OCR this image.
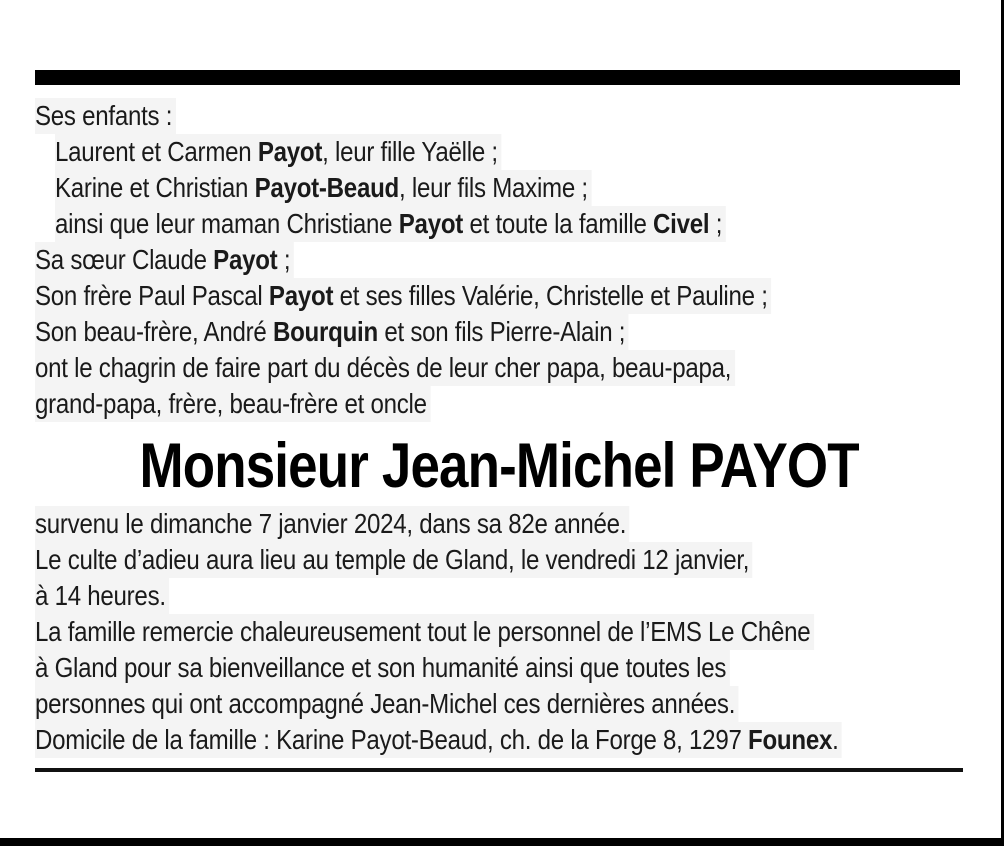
Ses enfants :
Laurent et Carmen Payot, leur fille Yaëlle ;
Karine et Christian Payot-Beaud, leur fils Maxime ;
ainsi que leur maman Christiane Payot et toute la famille Civel ;
Sa sœur Claude Payot ;
Son frère Paul Pascal Payot et ses filles Valérie, Christelle et Pauline ;
Son beau-frère, André Bourquin et son fils Pierre-Alain ;
ont le chagrin de faire part du décès de leur cher papa, beau-papa,
grand-papa, frère, beau-frère et oncle
Monsieur Jean-Michel PAYOT
survenu le dimanche 7 janvier 2024, dans sa 82e année.
Le culte d’adieu aura lieu au temple de Gland, le vendredi 12 janvier,
à 14 heures.
La famille remercie chaleureusement tout le personnel de l’EMS Le Chêne
à Gland pour sa bienveillance et son humanité ainsi que toutes les
personnes qui ont accompagné Jean-Michel ces dernières années.
Domicile de la famille : Karine Payot-Beaud, ch. de la Forge 8, 1297 Founex.
